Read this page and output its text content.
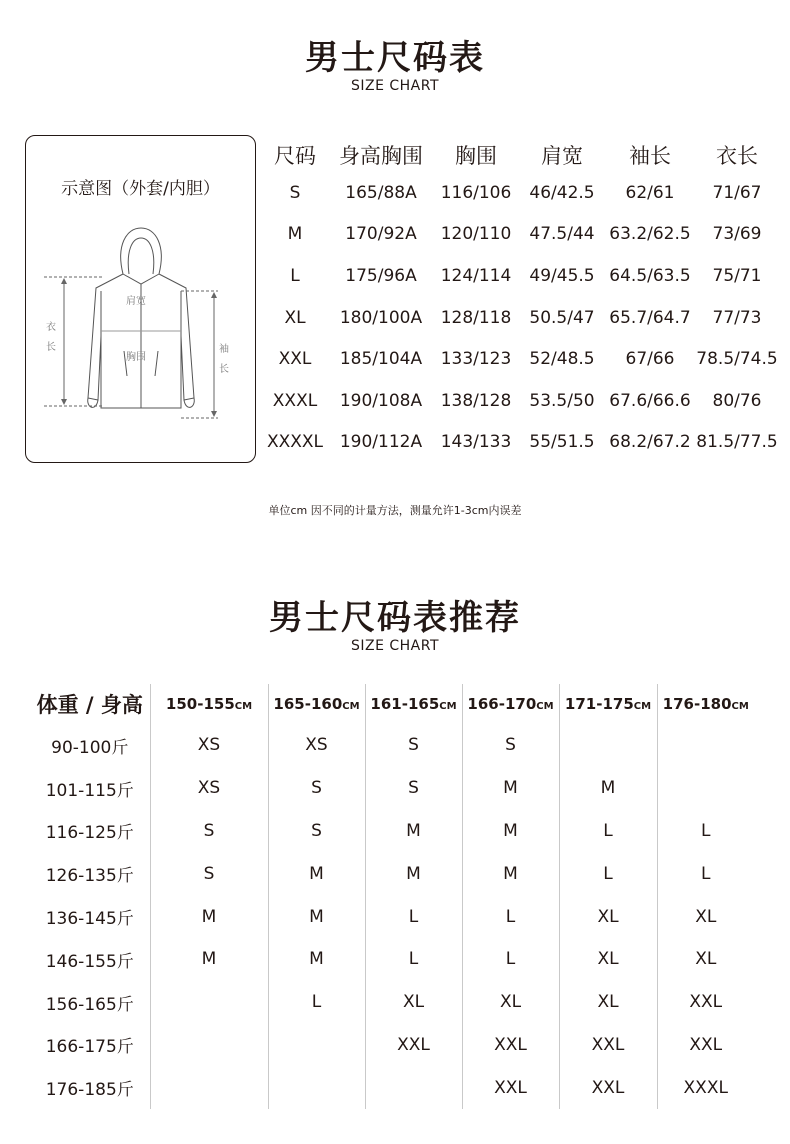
男士尺码表
SIZE CHART
示意图（外套/内胆）
肩宽
胸围
衣
长	袖
长
尺码	身高胸围	胸围	肩宽	袖长	衣长
S	165/88A	116/106	46/42.5	62/61	71/67
M	170/92A	120/110	47.5/44	63.2/62.5	73/69
L	175/96A	124/114	49/45.5	64.5/63.5	75/71
XL	180/100A	128/118	50.5/47	65.7/64.7	77/73
XXL	185/104A	133/123	52/48.5	67/66	78.5/74.5
XXXL	190/108A	138/128	53.5/50	67.6/66.6	80/76
XXXXL	190/112A	143/133	55/51.5	68.2/67.2	81.5/77.5
单位cm 因不同的计量方法，测量允许1-3cm内误差
男士尺码表推荐
SIZE CHART
体重 / 身高	150-155CM	165-160CM	161-165CM	166-170CM	171-175CM	176-180CM
90-100斤	XS	XS	S	S		
101-115斤	XS	S	S	M	M	
116-125斤	S	S	M	M	L	L
126-135斤	S	M	M	M	L	L
136-145斤	M	M	L	L	XL	XL
146-155斤	M	M	L	L	XL	XL
156-165斤		L	XL	XL	XL	XXL
166-175斤			XXL	XXL	XXL	XXL
176-185斤				XXL	XXL	XXXL
